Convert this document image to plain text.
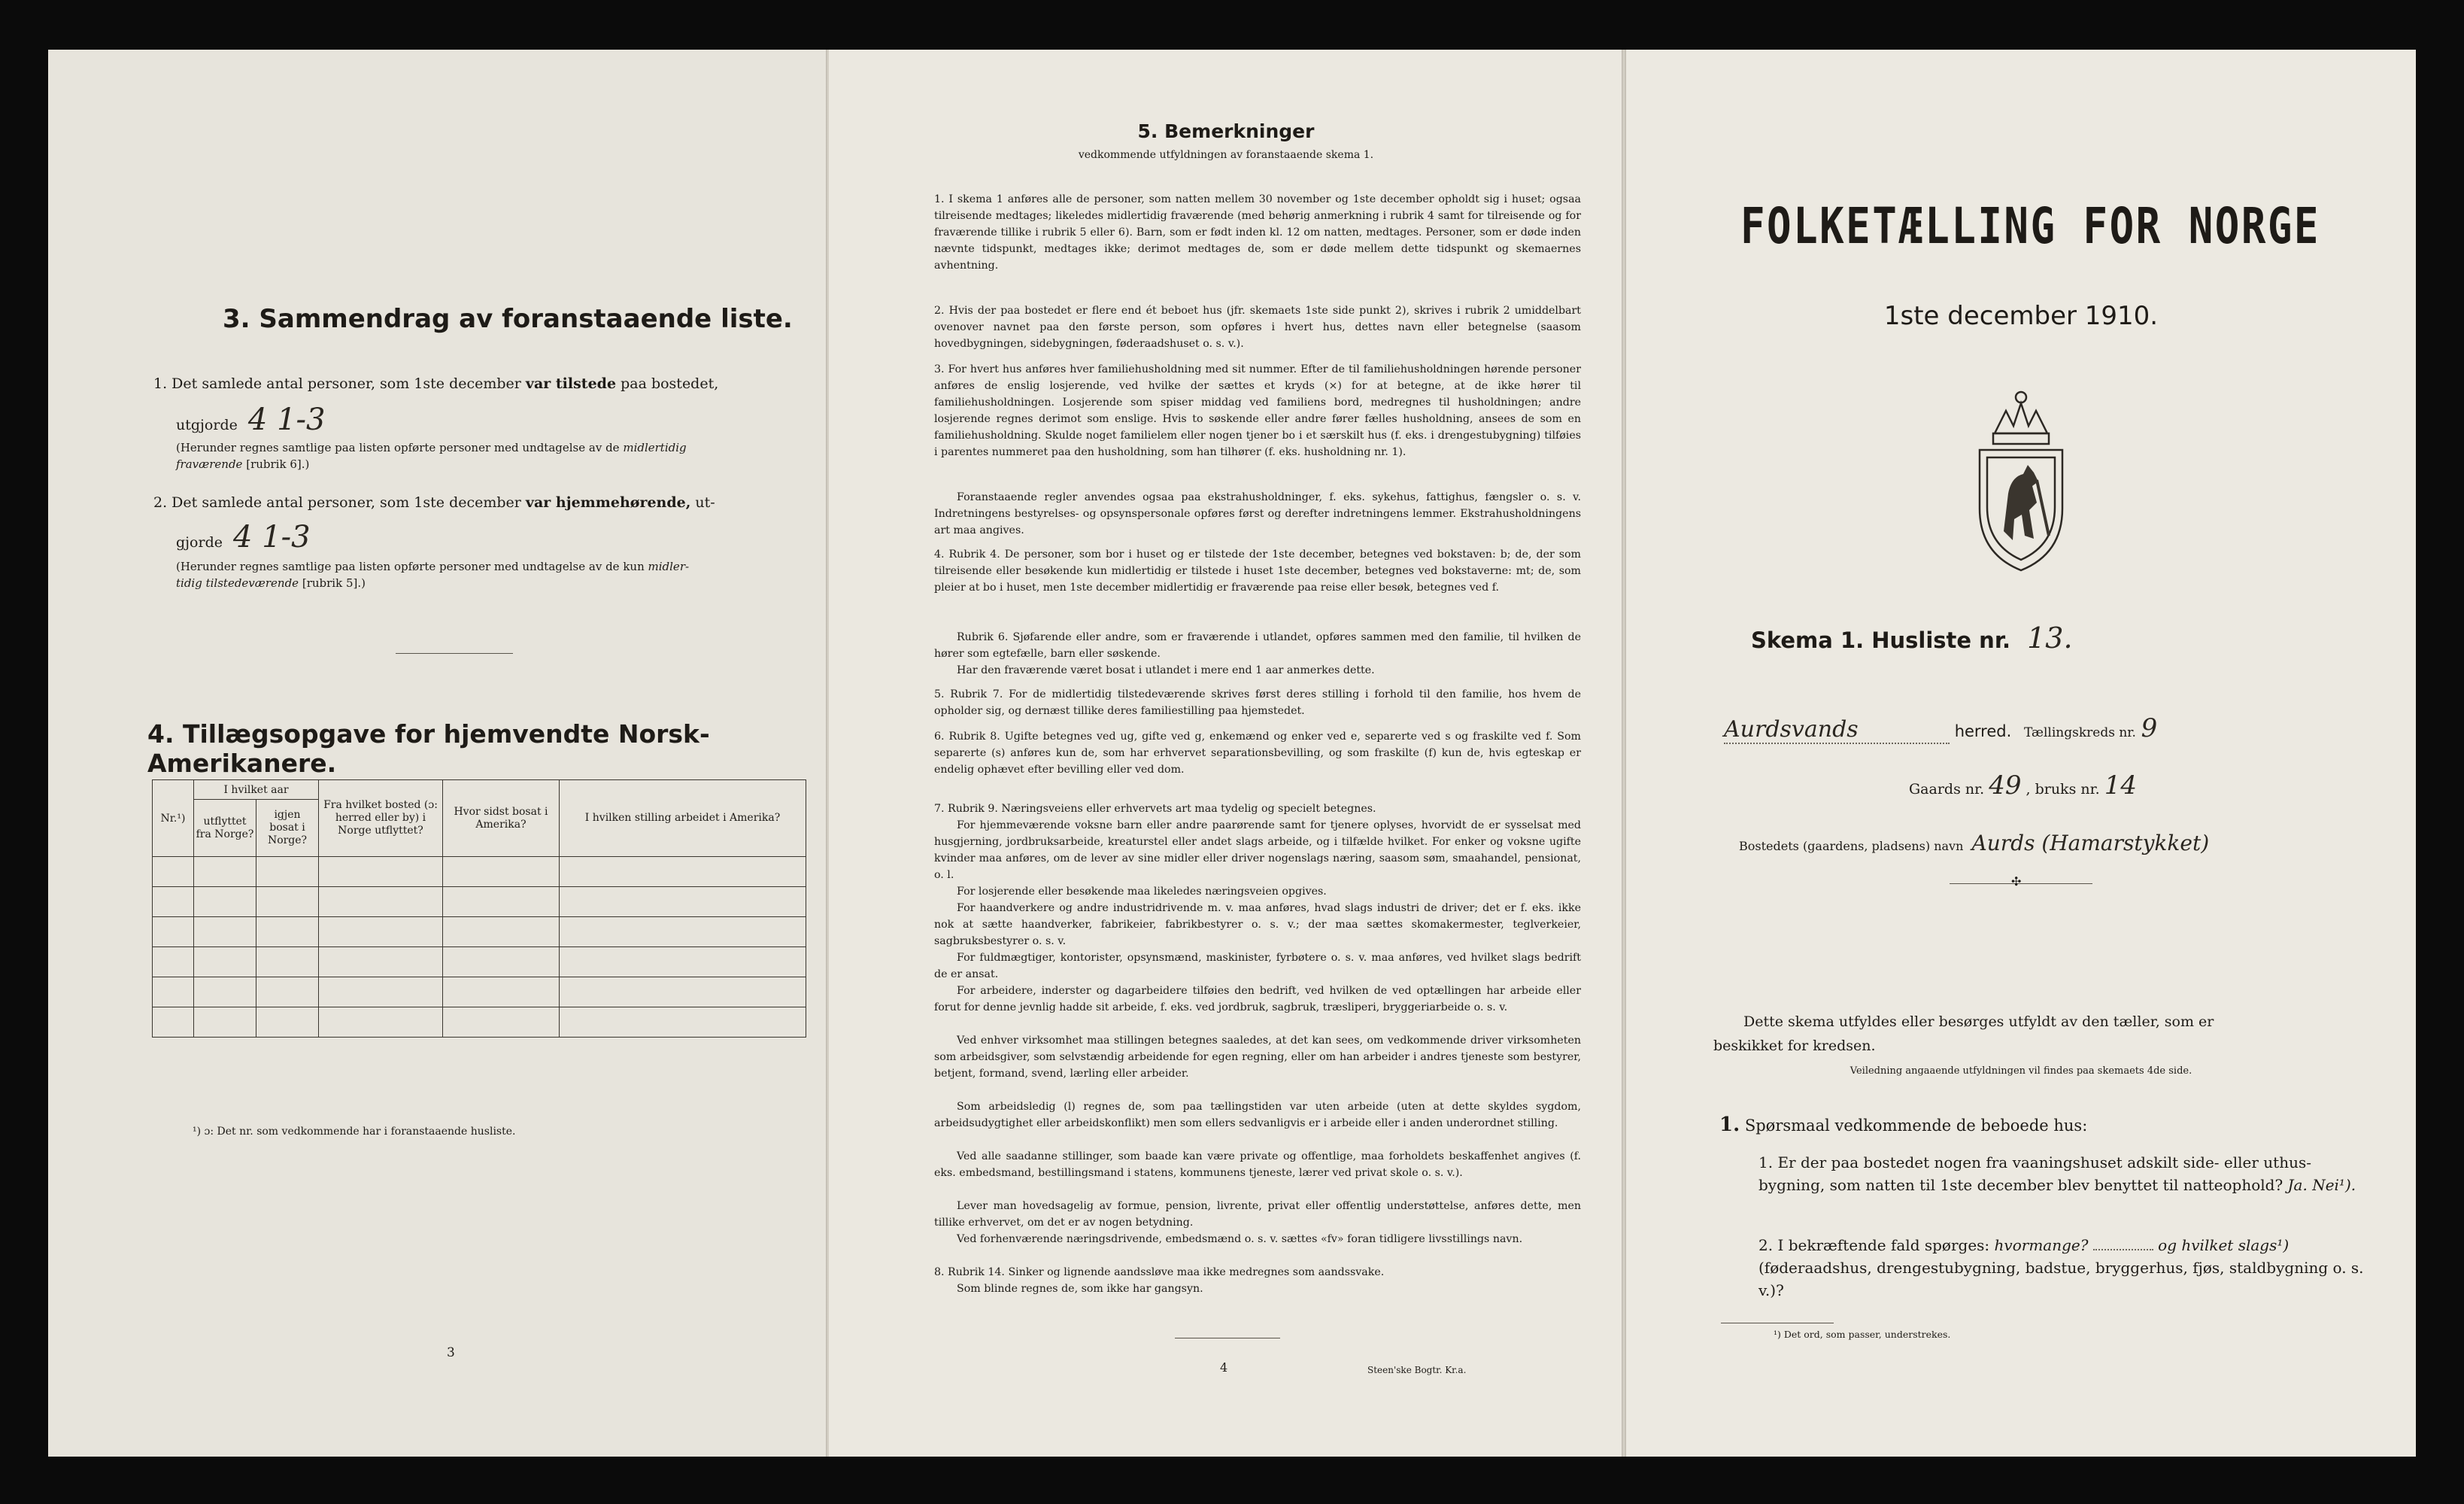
3. Sammendrag av foranstaaende liste.
1. Det samlede antal personer, som 1ste december var tilstede paa bostedet,
utgjorde 4 1-3
(Herunder regnes samtlige paa listen opførte personer med undtagelse av de midlertidig
fraværende [rubrik 6].)
2. Det samlede antal personer, som 1ste december var hjemmehørende, ut-
gjorde 4 1-3
(Herunder regnes samtlige paa listen opførte personer med undtagelse av de kun midler-
tidig tilstedeværende [rubrik 5].)
4. Tillægsopgave for hjemvendte Norsk-Amerikanere.
Nr.¹)	I hvilket aar		Fra hvilket bosted (ɔ: herred eller by) i Norge utflyttet?	Hvor sidst bosat i Amerika?	I hvilken stilling arbeidet i Amerika?
	utflyttet fra Norge?	igjen bosat i Norge?			

¹) ɔ: Det nr. som vedkommende har i foranstaaende husliste.
3
5. Bemerkninger
vedkommende utfyldningen av foranstaaende skema 1.
1. I skema 1 anføres alle de personer, som natten mellem 30 november og 1ste december opholdt sig i huset; ogsaa tilreisende medtages; likeledes midlertidig fraværende (med behørig anmerkning i rubrik 4 samt for tilreisende og for fraværende tillike i rubrik 5 eller 6). Barn, som er født inden kl. 12 om natten, medtages. Personer, som er døde inden nævnte tidspunkt, medtages ikke; derimot medtages de, som er døde mellem dette tidspunkt og skemaernes avhentning.
2. Hvis der paa bostedet er flere end ét beboet hus (jfr. skemaets 1ste side punkt 2), skrives i rubrik 2 umiddelbart ovenover navnet paa den første person, som opføres i hvert hus, dettes navn eller betegnelse (saasom hovedbygningen, sidebygningen, føderaadshuset o. s. v.).
3. For hvert hus anføres hver familiehusholdning med sit nummer. Efter de til familiehusholdningen hørende personer anføres de enslig losjerende, ved hvilke der sættes et kryds (×) for at betegne, at de ikke hører til familiehusholdningen. Losjerende som spiser middag ved familiens bord, medregnes til husholdningen; andre losjerende regnes derimot som enslige. Hvis to søskende eller andre fører fælles husholdning, ansees de som en familiehusholdning. Skulde noget familielem eller nogen tjener bo i et særskilt hus (f. eks. i drengestubygning) tilføies i parentes nummeret paa den husholdning, som han tilhører (f. eks. husholdning nr. 1).
Foranstaaende regler anvendes ogsaa paa ekstrahusholdninger, f. eks. sykehus, fattighus, fængsler o. s. v. Indretningens bestyrelses- og opsynspersonale opføres først og derefter indretningens lemmer. Ekstrahusholdningens art maa angives.
4. Rubrik 4. De personer, som bor i huset og er tilstede der 1ste december, betegnes ved bokstaven: b; de, der som tilreisende eller besøkende kun midlertidig er tilstede i huset 1ste december, betegnes ved bokstaverne: mt; de, som pleier at bo i huset, men 1ste december midlertidig er fraværende paa reise eller besøk, betegnes ved f.
Rubrik 6. Sjøfarende eller andre, som er fraværende i utlandet, opføres sammen med den familie, til hvilken de hører som egtefælle, barn eller søskende.
Har den fraværende været bosat i utlandet i mere end 1 aar anmerkes dette.
5. Rubrik 7. For de midlertidig tilstedeværende skrives først deres stilling i forhold til den familie, hos hvem de opholder sig, og dernæst tillike deres familiestilling paa hjemstedet.
6. Rubrik 8. Ugifte betegnes ved ug, gifte ved g, enkemænd og enker ved e, separerte ved s og fraskilte ved f. Som separerte (s) anføres kun de, som har erhvervet separationsbevilling, og som fraskilte (f) kun de, hvis egteskap er endelig ophævet efter bevilling eller ved dom.
7. Rubrik 9. Næringsveiens eller erhvervets art maa tydelig og specielt betegnes.
For hjemmeværende voksne barn eller andre paarørende samt for tjenere oplyses, hvorvidt de er sysselsat med husgjerning, jordbruksarbeide, kreaturstel eller andet slags arbeide, og i tilfælde hvilket. For enker og voksne ugifte kvinder maa anføres, om de lever av sine midler eller driver nogenslags næring, saasom søm, smaahandel, pensionat, o. l.
For losjerende eller besøkende maa likeledes næringsveien opgives.
For haandverkere og andre industridrivende m. v. maa anføres, hvad slags industri de driver; det er f. eks. ikke nok at sætte haandverker, fabrikeier, fabrikbestyrer o. s. v.; der maa sættes skomakermester, teglverkeier, sagbruksbestyrer o. s. v.
For fuldmægtiger, kontorister, opsynsmænd, maskinister, fyrbøtere o. s. v. maa anføres, ved hvilket slags bedrift de er ansat.
For arbeidere, inderster og dagarbeidere tilføies den bedrift, ved hvilken de ved optællingen har arbeide eller forut for denne jevnlig hadde sit arbeide, f. eks. ved jordbruk, sagbruk, træsliperi, bryggeriarbeide o. s. v.
Ved enhver virksomhet maa stillingen betegnes saaledes, at det kan sees, om vedkommende driver virksomheten som arbeidsgiver, som selvstændig arbeidende for egen regning, eller om han arbeider i andres tjeneste som bestyrer, betjent, formand, svend, lærling eller arbeider.
Som arbeidsledig (l) regnes de, som paa tællingstiden var uten arbeide (uten at dette skyldes sygdom, arbeidsudygtighet eller arbeidskonflikt) men som ellers sedvanligvis er i arbeide eller i anden underordnet stilling.
Ved alle saadanne stillinger, som baade kan være private og offentlige, maa forholdets beskaffenhet angives (f. eks. embedsmand, bestillingsmand i statens, kommunens tjeneste, lærer ved privat skole o. s. v.).
Lever man hovedsagelig av formue, pension, livrente, privat eller offentlig understøttelse, anføres dette, men tillike erhvervet, om det er av nogen betydning.
Ved forhenværende næringsdrivende, embedsmænd o. s. v. sættes «fv» foran tidligere livsstillings navn.
8. Rubrik 14. Sinker og lignende aandssløve maa ikke medregnes som aandssvake.
Som blinde regnes de, som ikke har gangsyn.
4	Steen'ske Bogtr. Kr.a.
FOLKETÆLLING FOR NORGE
1ste december 1910.
Skema 1. Husliste nr. 13.
Aurdsvands	herred. Tællingskreds nr. 9
Gaards nr. 49 , bruks nr. 14
Bostedets (gaardens, pladsens) navn Aurds (Hamarstykket)
✣
Dette skema utfyldes eller besørges utfyldt av den tæller, som er
beskikket for kredsen.
Veiledning angaaende utfyldningen vil findes paa skemaets 4de side.
1. Spørsmaal vedkommende de beboede hus:
1. Er der paa bostedet nogen fra vaaningshuset adskilt side- eller uthus-bygning, som natten til 1ste december blev benyttet til natteophold? Ja. Nei¹).
2. I bekræftende fald spørges: hvormange?	og hvilket slags¹) (føderaadshus, drengestubygning, badstue, bryggerhus, fjøs, staldbygning o. s. v.)?
¹) Det ord, som passer, understrekes.
